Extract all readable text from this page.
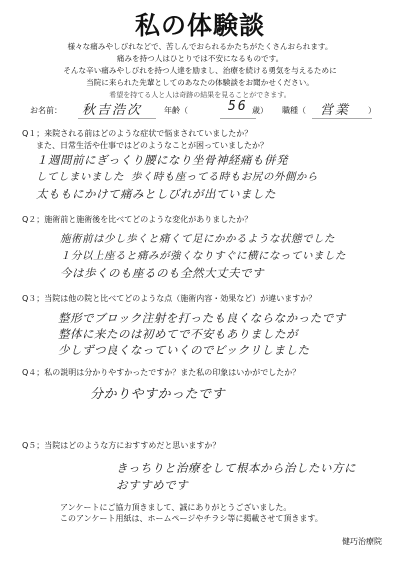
私の体験談
様々な痛みやしびれなどで、苦しんでおられるかたちがたくさんおられます。
痛みを持つ人はひとりでは不安になるものです。
そんな辛い痛みやしびれを持つ人達を励まし、治療を続ける勇気を与えるために
当院に来られた先輩としてのあなたの体験談をお聞かせください。
希望を持てる人と人は奇跡の結果を見ることができます。
お名前： 秋吉浩次	年齢（	56 歳） 職種（ 営業 ）
Q１；来院される前はどのような症状で悩まされていましたか？
また、日常生活や仕事ではどのようなことが困っていましたか？
１週間前にぎっくり腰になり坐骨神経痛も併発
してしまいました 歩く時も座ってる時もお尻の外側から
太ももにかけて痛みとしびれが出ていました
Q２；施術前と施術後を比べてどのような変化がありましたか？
施術前は少し歩くと痛くて足にかかるような状態でした
１分以上座ると痛みが強くなりすぐに横になっていました
今は歩くのも座るのも全然大丈夫です
Q３；当院は他の院と比べてどのような点（施術内容・効果など）が違いますか？
整形でブロック注射を打ったも良くならなかったです
整体に来たのは初めてで不安もありましたが
少しずつ良くなっていくのでビックリしました
Q４；私の説明は分かりやすかったですか？また私の印象はいかがでしたか？
分かりやすかったです
Q５；当院はどのような方におすすめだと思いますか？
きっちりと治療をして根本から治したい方に
おすすめです
アンケートにご協力頂きまして、誠にありがとうございました。
このアンケート用紙は、ホームページやチラシ等に掲載させて頂きます。
健巧治療院
